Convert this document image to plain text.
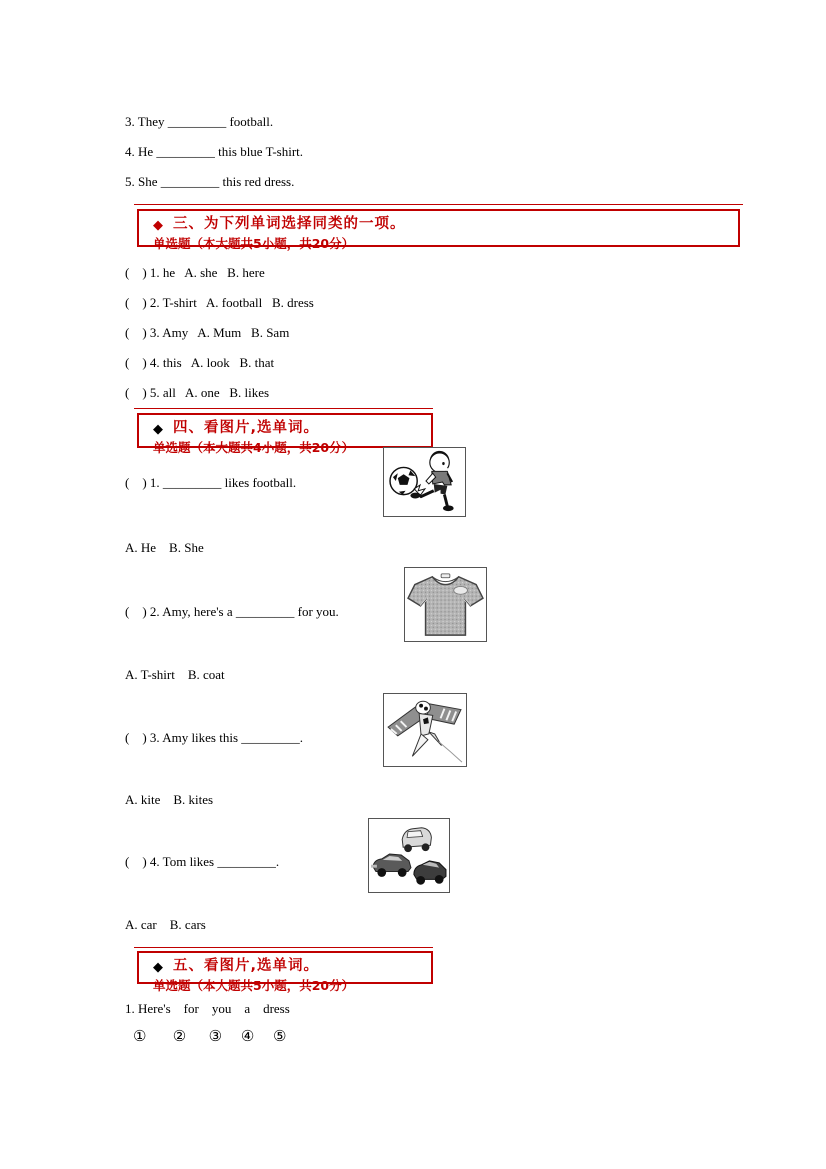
3. They _________ football.
4. He _________ this blue T-shirt.
5. She _________ this red dress.
◆ 三、为下列单词选择同类的一项。
单选题（本大题共5小题，共20分）
(    ) 1. he   A. she   B. here
(    ) 2. T-shirt   A. football   B. dress
(    ) 3. Amy   A. Mum   B. Sam
(    ) 4. this   A. look   B. that
(    ) 5. all   A. one   B. likes
◆ 四、看图片,选单词。
单选题（本大题共4小题，共20分）
(    ) 1. _________ likes football.
A. He    B. She
(    ) 2. Amy, here's a _________ for you.
A. T-shirt    B. coat
(    ) 3. Amy likes this _________.
A. kite    B. kites
(    ) 4. Tom likes _________.
A. car    B. cars
◆ 五、看图片,选单词。
单选题（本大题共5小题，共20分）
1. Here's    for    you    a    dress
①       ②      ③     ④     ⑤
